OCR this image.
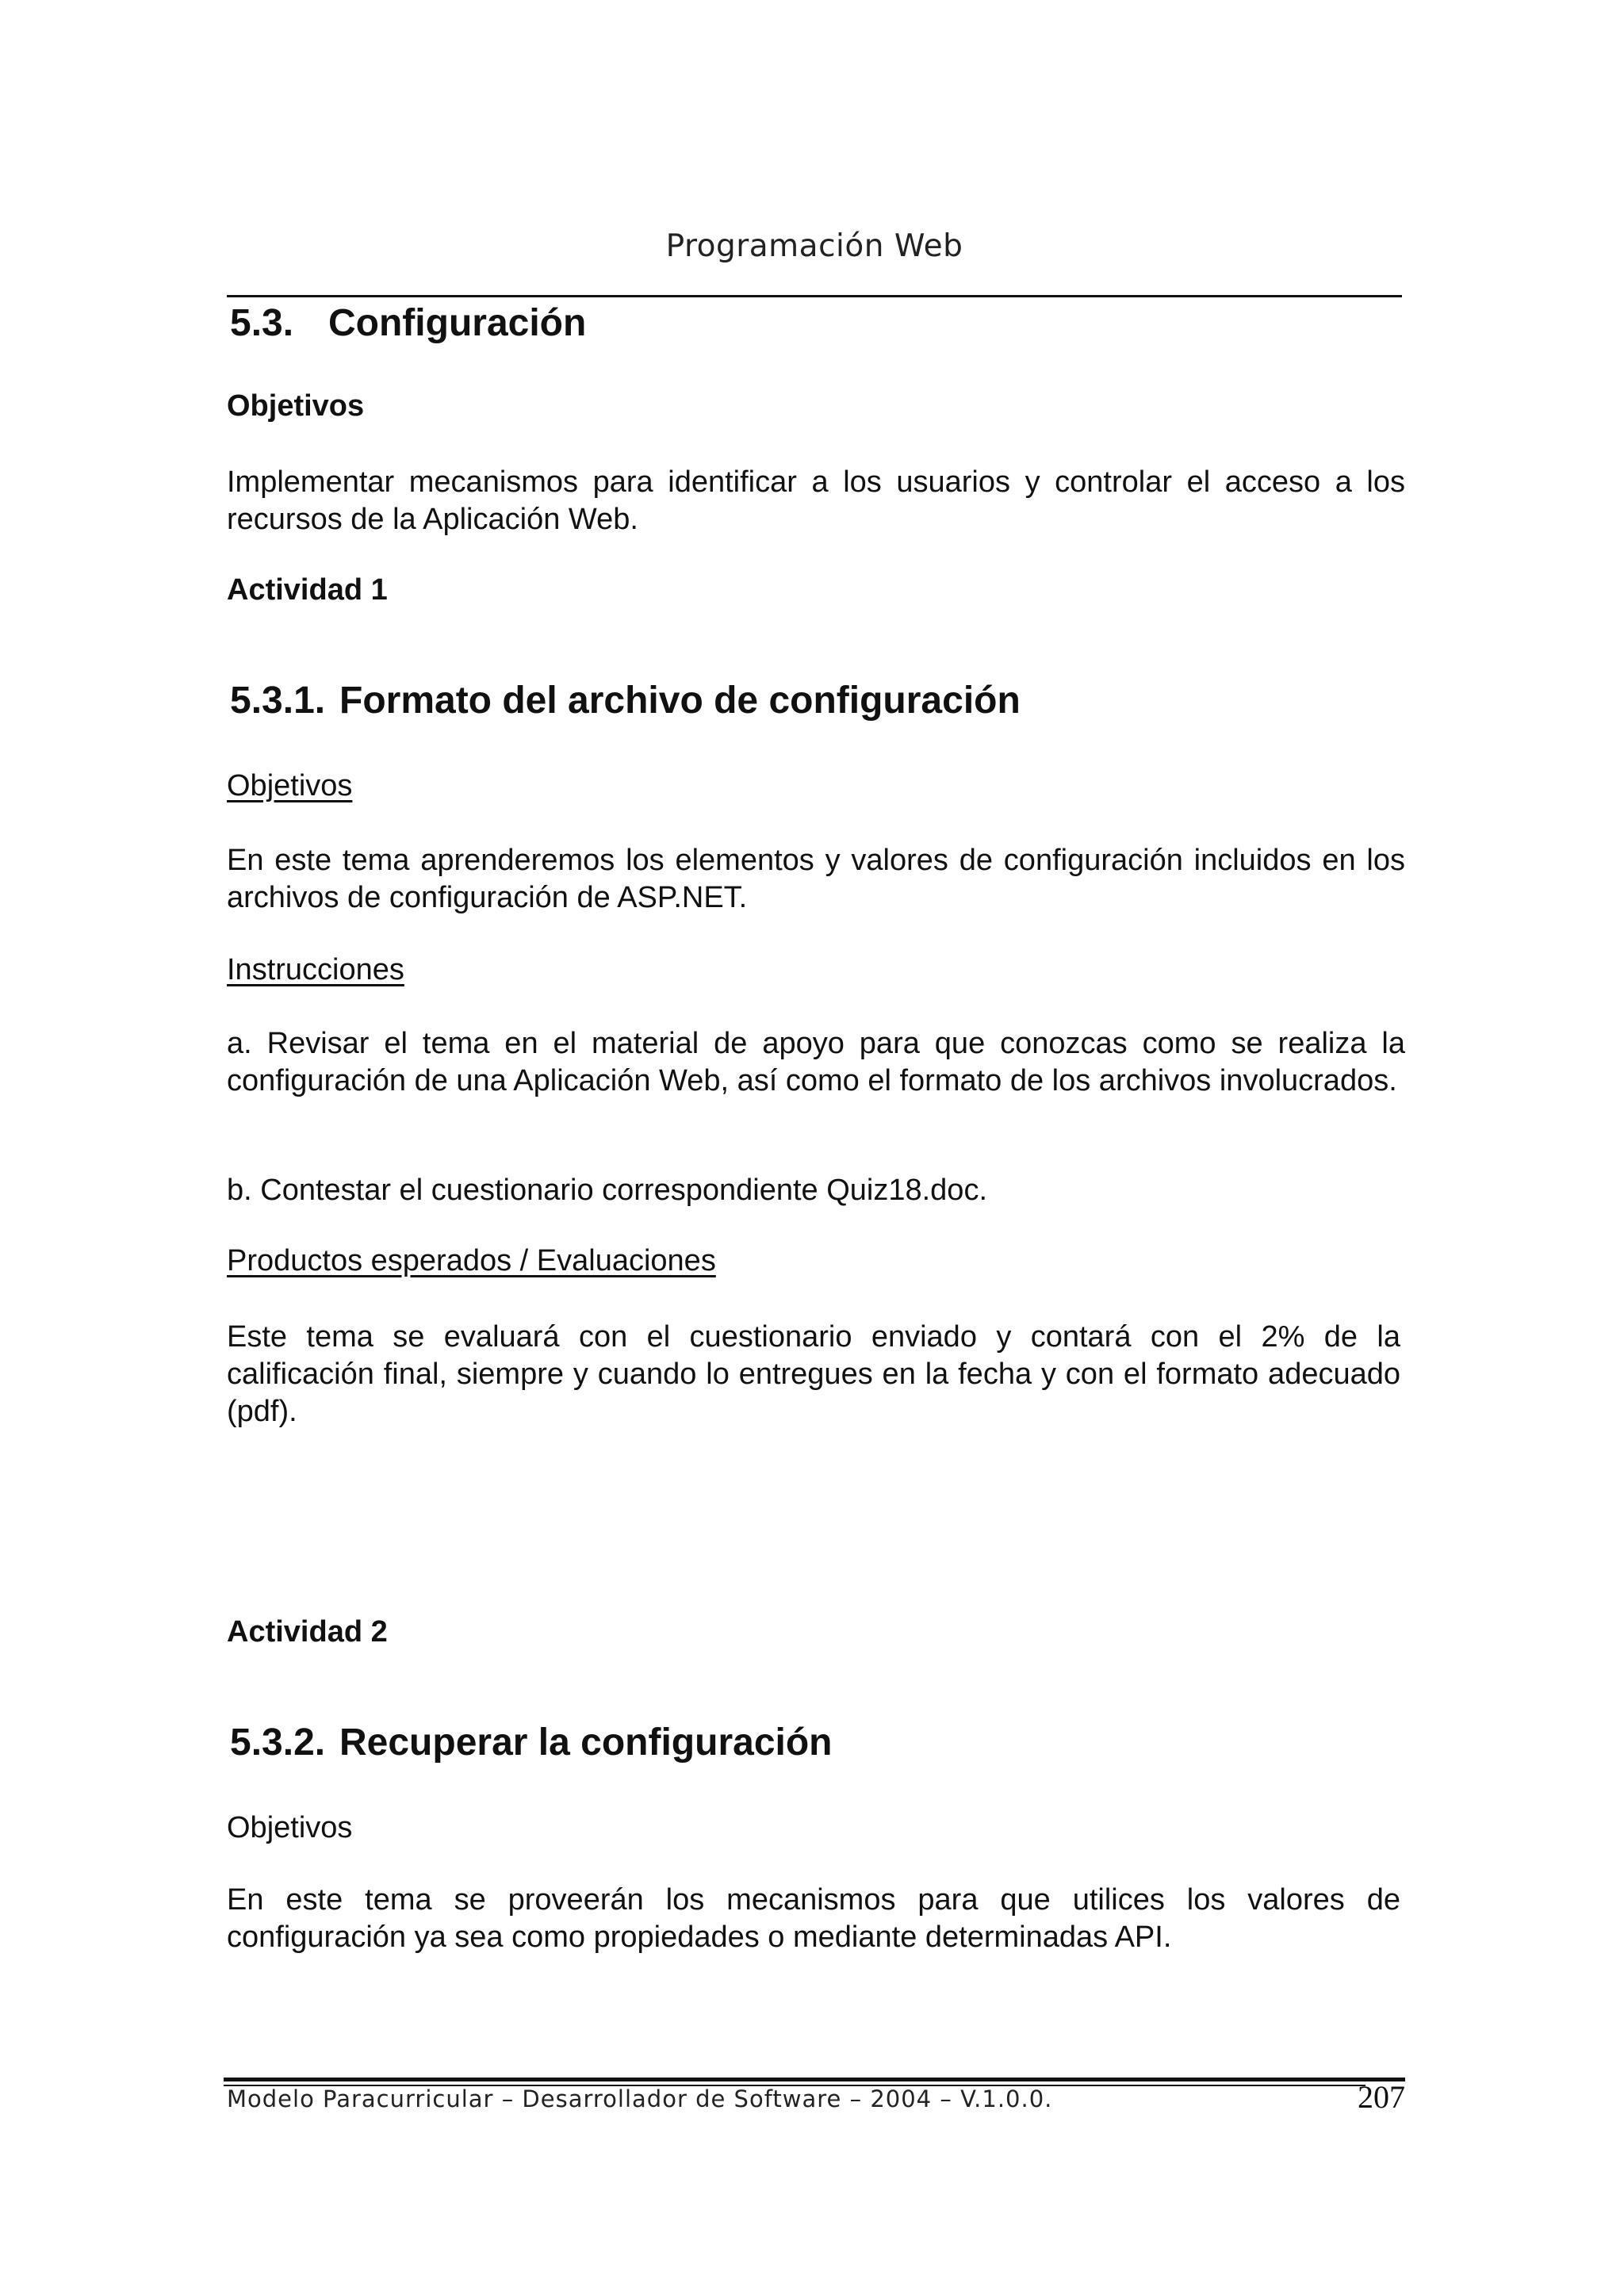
Programación Web
5.3. Configuración
Objetivos
Implementar mecanismos para identificar a los usuarios y controlar el acceso a los recursos de la Aplicación Web.
Actividad 1
5.3.1. Formato del archivo de configuración
Objetivos
En este tema aprenderemos los elementos y valores de configuración incluidos en los archivos de configuración de ASP.NET.
Instrucciones
a. Revisar el tema en el material de apoyo para que conozcas como se realiza la configuración de una Aplicación Web, así como el formato de los archivos involucrados.
b. Contestar el cuestionario correspondiente Quiz18.doc.
Productos esperados / Evaluaciones
Este tema se evaluará con el cuestionario enviado y contará con el 2% de la calificación final, siempre y cuando lo entregues en la fecha y con el formato adecuado (pdf).
Actividad 2
5.3.2. Recuperar la configuración
Objetivos
En este tema se proveerán los mecanismos para que utilices los valores de configuración ya sea como propiedades o mediante determinadas API.
Modelo Paracurricular – Desarrollador de Software – 2004 – V.1.0.0.	207
